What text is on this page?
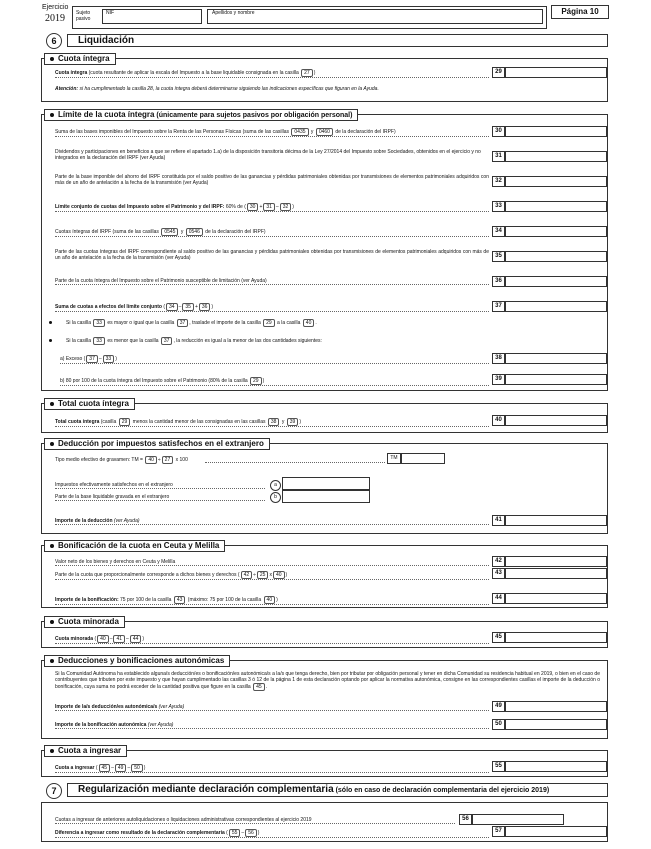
Ejercicio
2019 Sujeto pasivo
NIF	Apellidos y nombre	Página 10
6	Liquidación
Cuota íntegra
Cuota íntegra (cuota resultante de aplicar la escala del Impuesto a la base liquidable consignada en la casilla 27 )	29
Atención: si ha cumplimentado la casilla 28, la cuota íntegra deberá determinarse siguiendo las indicaciones específicas que figuran en la Ayuda.
Límite de la cuota íntegra (únicamente para sujetos pasivos por obligación personal)
Suma de las bases imponibles del Impuesto sobre la Renta de las Personas Físicas (suma de las casillas 0435 y 0460 de la declaración del IRPF)	30
Dividendos y participaciones en beneficios a que se refiere el apartado 1.a) de la disposición transitoria décima de la Ley 27/2014 del Impuesto sobre Sociedades, obtenidos en el ejercicio y no integrados en la declaración del IRPF (ver Ayuda)	31
Parte de la base imponible del ahorro del IRPF constituida por el saldo positivo de las ganancias y pérdidas patrimoniales obtenidas por transmisiones de elementos patrimoniales adquiridos con más de un año de antelación a la fecha de la transmisión (ver Ayuda)	32
Límite conjunto de cuotas del Impuesto sobre el Patrimonio y del IRPF: 60% de ( 30 + 31 – 32 )	33
Cuotas íntegras del IRPF (suma de las casillas 0545 y 0546 de la declaración del IRPF)	34
Parte de las cuotas íntegras del IRPF correspondiente al saldo positivo de las ganancias y pérdidas patrimoniales obtenidas por transmisiones de elementos patrimoniales adquiridos con más de un año de antelación a la fecha de la transmisión (ver Ayuda)	35
Parte de la cuota íntegra del Impuesto sobre el Patrimonio susceptible de limitación (ver Ayuda)	36
Suma de cuotas a efectos del límite conjunto ( 34 – 35 + 36 )	37
Si la casilla 33 es mayor o igual que la casilla 37 , traslade el importe de la casilla 29 a la casilla 40 .
Si la casilla 33 es menor que la casilla 37 , la reducción es igual a la menor de las dos cantidades siguientes:
a) Exceso ( 37 – 33 )	38
b) 80 por 100 de la cuota íntegra del Impuesto sobre el Patrimonio (80% de la casilla 29 )	39
Total cuota íntegra
Total cuota íntegra (casilla 29 menos la cantidad menor de las consignadas en las casillas 38 y 39 )	40
Deducción por impuestos satisfechos en el extranjero
Tipo medio efectivo de gravamen: TM = 40 ÷ 27 x 100	TM
Impuestos efectivamente satisfechos en el extranjero	a
Parte de la base liquidable gravada en el extranjero	b
Importe de la deducción (ver Ayuda)	41
Bonificación de la cuota en Ceuta y Melilla
Valor neto de los bienes y derechos en Ceuta y Melilla	42
Parte de la cuota que proporcionalmente corresponde a dichos bienes y derechos ( 42 ÷ 25 x 40 )	43
Importe de la bonificación: 75 por 100 de la casilla 43 (máximo: 75 por 100 de la casilla 40 )	44
Cuota minorada
Cuota minorada ( 40 – 41 – 44 )	45
Deducciones y bonificaciones autonómicas
Si la Comunidad Autónoma ha establecido alguna/s deducción/es o bonificación/es autonómica/s a la/s que tenga derecho, bien por tributar por obligación personal y tener en dicha Comunidad su residencia habitual en 2019, o bien en el caso de contribuyentes que tributen por este impuesto y que hayan cumplimentado las casillas 3 ó 12 de la página 1 de esta declaración optando por aplicar la normativa autonómica, consigne en las correspondientes casillas el importe de la deducción o bonificación, cuya suma no podrá exceder de la cantidad positiva que figure en la casilla 45 .
Importe de la/s deducción/es autonómica/s (ver Ayuda)	49
Importe de la bonificación autonómica (ver Ayuda)	50
Cuota a ingresar
Cuota a ingresar ( 45 – 49 – 50 )	55
7	Regularización mediante declaración complementaria (sólo en caso de declaración complementaria del ejercicio 2019)
Cuotas a ingresar de anteriores autoliquidaciones o liquidaciones administrativas correspondientes al ejercicio 2019	56
Diferencia a ingresar como resultado de la declaración complementaria ( 55 – 56 )	57
